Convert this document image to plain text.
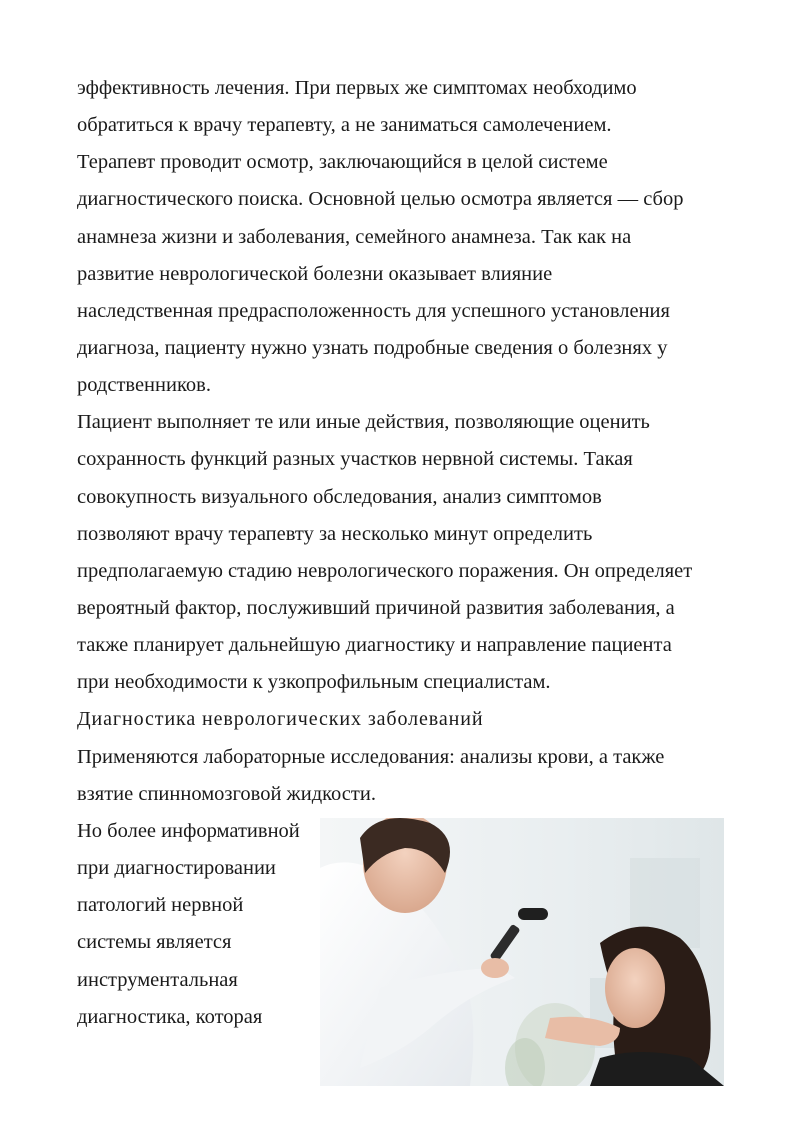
эффективность лечения. При первых же симптомах необходимо
обратиться к врачу терапевту, а не заниматься самолечением.
Терапевт проводит осмотр, заключающийся в целой системе
диагностического поиска. Основной целью осмотра является — сбор
анамнеза жизни и заболевания, семейного анамнеза. Так как на
развитие неврологической болезни оказывает влияние
наследственная предрасположенность для успешного установления
диагноза, пациенту нужно узнать подробные сведения о болезнях у
родственников.
Пациент выполняет те или иные действия, позволяющие оценить
сохранность функций разных участков нервной системы. Такая
совокупность визуального обследования, анализ симптомов
позволяют врачу терапевту за несколько минут определить
предполагаемую стадию неврологического поражения. Он определяет
вероятный фактор, послуживший причиной развития заболевания, а
также планирует дальнейшую диагностику и направление пациента
при необходимости к узкопрофильным специалистам.
Диагностика неврологических заболеваний
Применяются лабораторные исследования: анализы крови, а также
взятие спинномозговой жидкости.
Но более информативной
при диагностировании
патологий нервной
системы является
инструментальная
диагностика, которая
